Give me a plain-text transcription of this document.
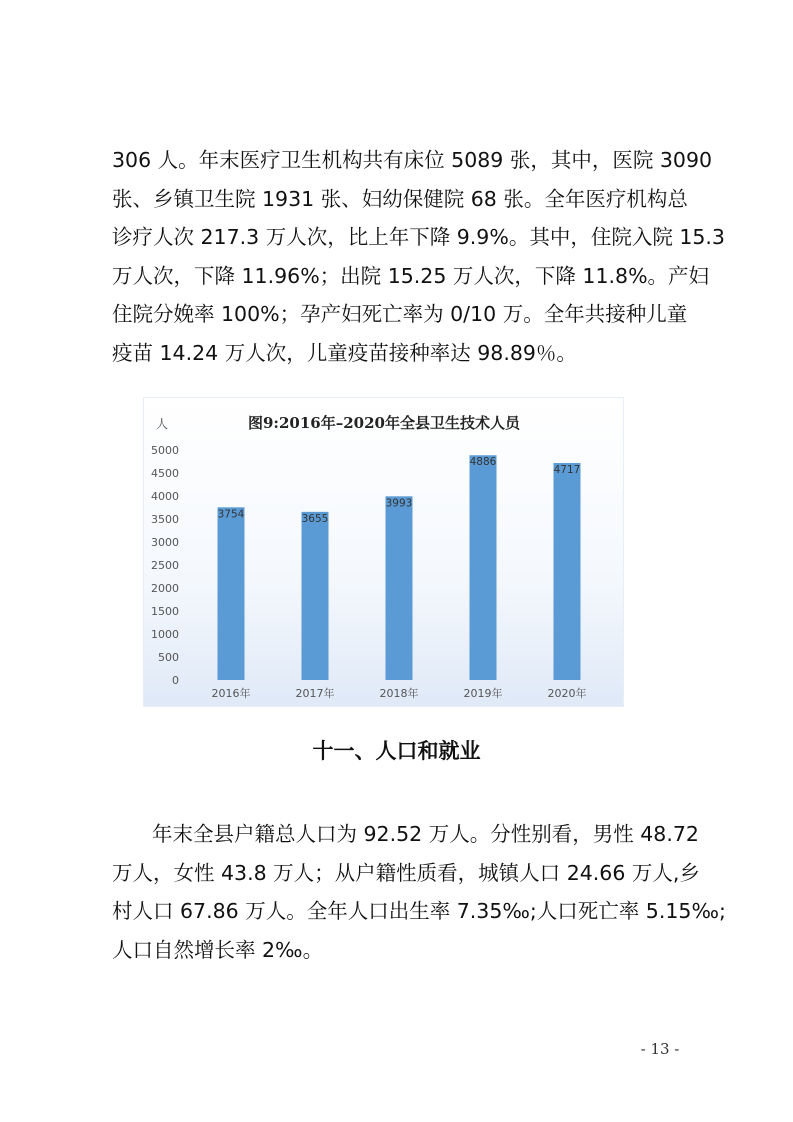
306 人。年末医疗卫生机构共有床位 5089 张，其中，医院 3090
张、乡镇卫生院 1931 张、妇幼保健院 68 张。全年医疗机构总
诊疗人次 217.3 万人次，比上年下降 9.9%。其中，住院入院 15.3
万人次，下降 11.96%；出院 15.25 万人次，下降 11.8%。产妇
住院分娩率 100%；孕产妇死亡率为 0/10 万。全年共接种儿童
疫苗 14.24 万人次，儿童疫苗接种率达 98.89％。
图9:2016年–2020年全县卫生技术人员
人
0
500
1000
1500
2000
2500
3000
3500
4000
4500
5000
3754
2016年
3655
2017年
3993
2018年
4886
2019年
4717
2020年
十一、人口和就业
年末全县户籍总人口为 92.52 万人。分性别看，男性 48.72
万人，女性 43.8 万人；从户籍性质看，城镇人口 24.66 万人,乡
村人口 67.86 万人。全年人口出生率 7.35‰;人口死亡率 5.15‰;
人口自然增长率 2‰。
- 13 -
